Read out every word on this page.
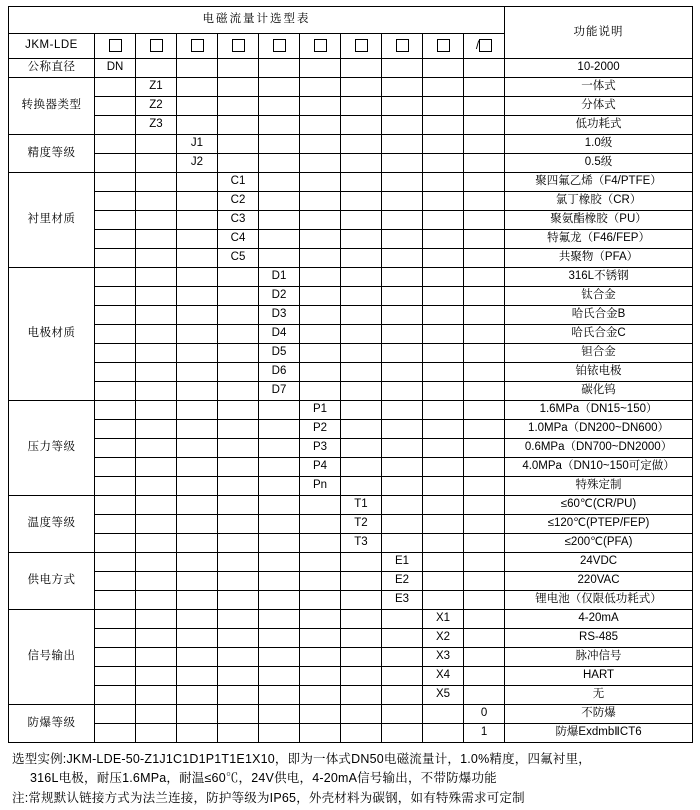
电磁流量计选型表											功能说明
JKM-LDE										/	
公称直径	DN										10-2000
转换器类型		Z1									一体式
		Z2									分体式
		Z3									低功耗式
精度等级			J1								1.0级
			J2								0.5级
衬里材质				C1							聚四氟乙烯（F4/PTFE）
				C2							氯丁橡胶（CR）
				C3							聚氨酯橡胶（PU）
				C4							特氟龙（F46/FEP）
				C5							共聚物（PFA）
电极材质					D1						316L不锈钢
					D2						钛合金
					D3						哈氏合金B
					D4						哈氏合金C
					D5						钽合金
					D6						铂铱电极
					D7						碳化钨
压力等级						P1					1.6MPa（DN15~150）
						P2					1.0MPa（DN200~DN600）
						P3					0.6MPa（DN700~DN2000）
						P4					4.0MPa（DN10~150可定做）
						Pn					特殊定制
温度等级							T1				≤60℃(CR/PU)
							T2				≤120℃(PTEP/FEP)
							T3				≤200℃(PFA)
供电方式								E1			24VDC
								E2			220VAC
								E3			锂电池（仅限低功耗式）
信号输出									X1		4-20mA
									X2		RS-485
									X3		脉冲信号
									X4		HART
									X5		无
防爆等级										0	不防爆
										1	防爆ExdmbⅡCT6
选型实例:JKM-LDE-50-Z1J1C1D1P1T1E1X10，即为一体式DN50电磁流量计，1.0%精度，四氟衬里，
316L电极，耐压1.6MPa，耐温≤60℃，24V供电，4-20mA信号输出，不带防爆功能
注:常规默认链接方式为法兰连接，防护等级为IP65，外壳材料为碳钢，如有特殊需求可定制
